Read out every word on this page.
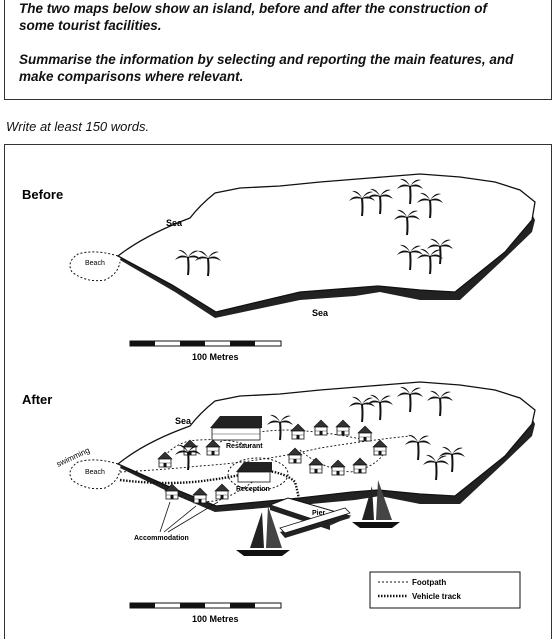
The two maps below show an island, before and after the construction of
some tourist facilities.
Summarise the information by selecting and reporting the main features, and
make comparisons where relevant.
Write at least 150 words.
Before
Beach
Sea
Sea
100 Metres
After
Beach
swimming
Sea
Restaurant
Reception
Pier
Accommodation
Footpath
Vehicle track
100 Metres
